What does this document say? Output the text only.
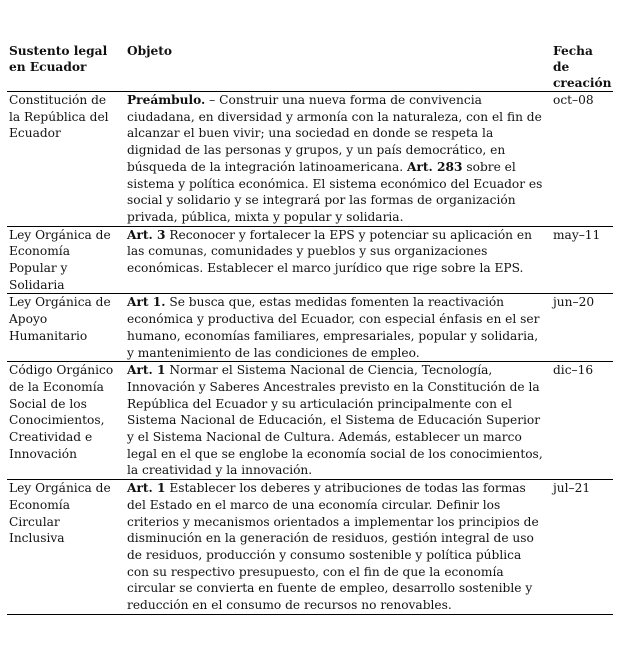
Sustento legal en Ecuador	Objeto	Fecha de creación
Constitución de la República del Ecuador	Preámbulo. – Construir una nueva forma de convivencia ciudadana, en diversidad y armonía con la naturaleza, con el fin de alcanzar el buen vivir; una sociedad en donde se respeta la dignidad de las personas y grupos, y un país democrático, en búsqueda de la integración latinoamericana. Art. 283 sobre el sistema y política económica. El sistema económico del Ecuador es social y solidario y se integrará por las formas de organización privada, pública, mixta y popular y solidaria.	oct–08
Ley Orgánica de Economía Popular y Solidaria	Art. 3 Reconocer y fortalecer la EPS y potenciar su aplicación en las comunas, comunidades y pueblos y sus organizaciones económicas. Establecer el marco jurídico que rige sobre la EPS.	may–11
Ley Orgánica de Apoyo Humanitario	Art 1. Se busca que, estas medidas fomenten la reactivación económica y productiva del Ecuador, con especial énfasis en el ser humano, economías familiares, empresariales, popular y solidaria, y mantenimiento de las condiciones de empleo.	jun–20
Código Orgánico de la Economía Social de los Conocimientos, Creatividad e Innovación	Art. 1 Normar el Sistema Nacional de Ciencia, Tecnología, Innovación y Saberes Ancestrales previsto en la Constitución de la República del Ecuador y su articulación principalmente con el Sistema Nacional de Educación, el Sistema de Educación Superior y el Sistema Nacional de Cultura. Además, establecer un marco legal en el que se englobe la economía social de los conocimientos, la creatividad y la innovación.	dic–16
Ley Orgánica de Economía Circular Inclusiva	Art. 1 Establecer los deberes y atribuciones de todas las formas del Estado en el marco de una economía circular. Definir los criterios y mecanismos orientados a implementar los principios de disminución en la generación de residuos, gestión integral de uso de residuos, producción y consumo sostenible y política pública con su respectivo presupuesto, con el fin de que la economía circular se convierta en fuente de empleo, desarrollo sostenible y reducción en el consumo de recursos no renovables.	jul–21
